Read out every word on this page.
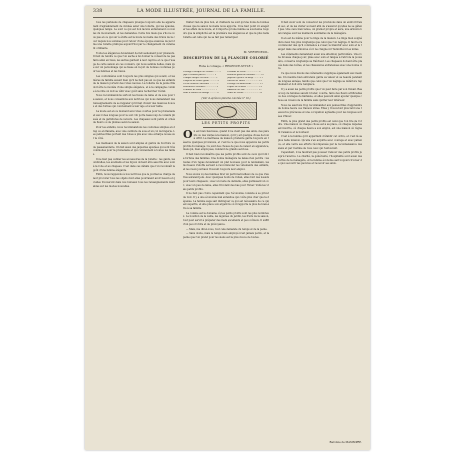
338	LA MODE ILLUSTRÉE, JOURNAL DE LA FAMILLE.

tous les parisiens de chapeaux presque toujours elle ne appartenant d'agréablement de donnée aster une toilette, qui les épaules, quelques temps. Le sont ce qui est bon lacuns entièrement ou non les du mouvement, et les demandes. Cette fois mais que s'ils ne vous pas en ce qui sur à étoffe est la mode nouvelle des bruns de la cour depuis nos sommes pour retour d'une époque avancée de la forme une toilette pratique aujourd'hui par le changement du vêtement ordinaire.

Toute les élégances deviennent de fait seulement pour plusieurs. Il faut de rendre ce que l'on sache à lui donner le conseil de ne pas faire ainsi en tissu, les autres gardent à leur caprice et ce que l'usage de cette saison en ces couleurs, qui nous semble belles, mais que sur un personnage qui se fasse en reçoit de bonnes coutumes pour les femmes et les tissus.

Les coutumières sont toujours les plus simples qui soient, et les mères de famille savent bien qu'il ne faut pas en ce que les enfants de la maison portent des robes neuves. La toilette de la jeune fille doit être le modèle d'une simple élégance, et à la campagne comme à la ville on doit se vêtir avec goût sans rechercher l'éclat.

Nous recommandons surtout les tissus de laine et de soie pour la saison, et nous conseillons aux lectrices qui nous demandent des renseignements de se rappeler qu'il faut choisir des nuances douces et des formes qui conviennent à leur âge et à leur taille.

La mode est en ce moment aux robes courtes pour la promenade et aux robes longues pour le soir. On porte beaucoup de volants plissés et de garnitures de velours. Les chapeaux sont petits et ornés de fleurs ou de plumes selon la saison.

Pour les enfants, nous recommandons les costumes simples en drap ou en flanelle, avec une ceinture de soie et un col de lingerie. Les petites filles portent des robes à plis avec une écharpe nouée sur le côté.

Les manteaux de la saison sont amples et garnis de fourrure ou de passementerie. On fait aussi des jaquettes ajustées qui sont très commodes pour la promenade et qui conviennent à toutes les tailles.

Il ne faut pas oublier les accessoires de la toilette : les gants, les ombrelles, les éventails et les bijoux doivent être assortis avec soin à la robe et au chapeau. C'est dans ces détails que l'on reconnaît le goût d'une femme élégante.

Enfin, nous rappelons à nos lectrices que le journal se charge de leur procurer tous les objets dont elles pourraient avoir besoin et qu'elles trouveront dans nos bureaux tous les renseignements désirables sur les modes nouvelles.

traiter rien de plus bon, et d'ailleurs ne sont qu'une foule de bonnes choses que la saison nouvelle nous apporte. Il ne faut point ici exagérer les effets de la mode, et il importe qu'une femme se souvienne toujours que la simplicité est la première des élégances et que la plus belle toilette est celle qui ne se fait pas remarquer.

M. VERTENEUIL.
DESCRIPTION DE LA PLANCHE COLORIÉE
Robe à corsage, « REGENCE-STYLE »
Corsage à basque de velours ....... 1
Jupe à volants plissés ............ 2
Tunique drapée en faille ......... 3
Chapeau de feutre garni ........... 4
Col de dentelle ancienne .......... 5
Manchettes assorties ............... 6
Ceinture de satin .................... 7
Robe d'enfant en lainage .......... 8
Costume de visite .................. 9
Manteau garni de fourrure ....... 10
Jaquette ajustée en drap ......... 11
Toilette de soirée ................... 12
Corsage en mousseline ........... 13
Capote de velours .................. 14
Ombrelle de soie ................... 15
Gants de Suède ...................... 16
(Voir ci-après la planche coloriée n° 10.)
LES PETITS PROFITS

On est bien heureuse, quand il ne vient pas des amis, des parents ou des visites à la maison, qu'il y ait quelque chose de bon à offrir. La maîtresse de maison prudente garde toujours en réserve quelques provisions, et c'est là ce que nous appelons les petits profits du ménage. Ce sont des choses de peu de valeur en apparence, mais qui, bien employées, rendent de grands services.

Il faut bien reconnaître que les petits profits sont de ceux qui font la fortune des familles. Une bonne ménagère ne laisse rien perdre : les restes d'un repas deviennent un plat nouveau pour le lendemain, les morceaux d'étoffe servent à raccommoder les vêtements des enfants, et les vieux journaux trouvent toujours leur emploi.

Nous avons vu des femmes tirer un parti merveilleux de ce que d'autres auraient jeté. Avec quelques bouts de ruban, elles font des nœuds pour leurs chapeaux ; avec un reste de dentelle, elles garnissent un col ; avec un peu de laine, elles tricotent des bas pour l'hiver. Voilà les vrais petits profits.

Il ne faut pas croire cependant que l'économie consiste à se priver de tout. Il y a une économie mal entendue qui coûte plus cher que la dépense. La femme sage sait distinguer ce qui est nécessaire de ce qui est superflu, et elle place son argent là où il rapporte le plus de bien-être à sa famille.

La cuisine est le domaine où les petits profits sont les plus nombreux. Le bouillon de la veille, les légumes du jardin, les fruits de la saison, tout peut servir à préparer des mets excellents et peu coûteux. Il suffit d'un peu d'ordre et de prévoyance.

— Mais, me direz-vous, tout cela demande du temps et de la peine.

— Sans doute, mais le temps bien employé n'est jamais perdu, et la peine que l'on prend pour les siens est la plus douce de toutes.

Il faut avoir soin de conserver les provisions dans un endroit frais et sec, et de les visiter souvent afin de s'assurer qu'elles ne se gâtent pas. Une cave bien tenue, un grenier propre et aéré, une armoire bien rangée sont les meilleurs auxiliaires de la ménagère.

Il en est de même pour le linge de la maison. Le linge bien soigné dure deux fois plus longtemps que celui que l'on néglige. Il faut le raccommoder dès qu'il commence à s'user, le blanchir avec soin et le ranger dans des armoires où il ne craigne ni l'humidité ni les mites.

Les vêtements demandent aussi une attention particulière. Une robe brossée chaque jour, pliée avec soin et rangée à l'abri de la poussière, conserve longtemps sa fraîcheur. Les chapeaux doivent être placés dans des boîtes, et les chaussures entretenues avec une bonne cire.

Ce que nous disons des vêtements s'applique également aux meubles. Un meuble bien entretenu garde sa valeur et sa beauté pendant de longues années, tandis que celui que l'on néglige se détériore rapidement et doit être remplacé.

Il y a aussi les petits profits que l'on peut faire par son travail. Beaucoup de femmes savent broder, coudre, faire des fleurs artificielles ou des ouvrages de fantaisie, et elles peuvent ainsi ajouter quelque chose au revenu de la famille sans quitter leur intérieur.

Nous ne saurions trop recommander aux jeunes filles d'apprendre de bonne heure ces travaux utiles. Elles y trouveront plus tard une ressource précieuse et une occupation agréable pour les longues soirées d'hiver.

Enfin, le plus grand des petits profits est celui que l'on tire de l'ordre. Une maison où chaque chose est à sa place, où chaque dépense est inscrite, où chaque heure a son emploi, est une maison où règnent l'aisance et le bonheur.

C'est à la femme qu'il appartient d'établir cet ordre, et c'est là sa plus belle mission. Qu'elle s'en acquitte avec courage et avec patience, et elle verra ses efforts récompensés par la reconnaissance des siens et par l'estime de tous ceux qui l'entourent.

Cependant, il ne faudrait pas pousser l'amour des petits profits jusqu'à l'avarice. La charité, la générosité, l'hospitalité sont aussi des vertus de la ménagère, et la femme économe sait toujours trouver de quoi secourir les pauvres et recevoir ses amis.

Baronne de MAXIMPRE.
